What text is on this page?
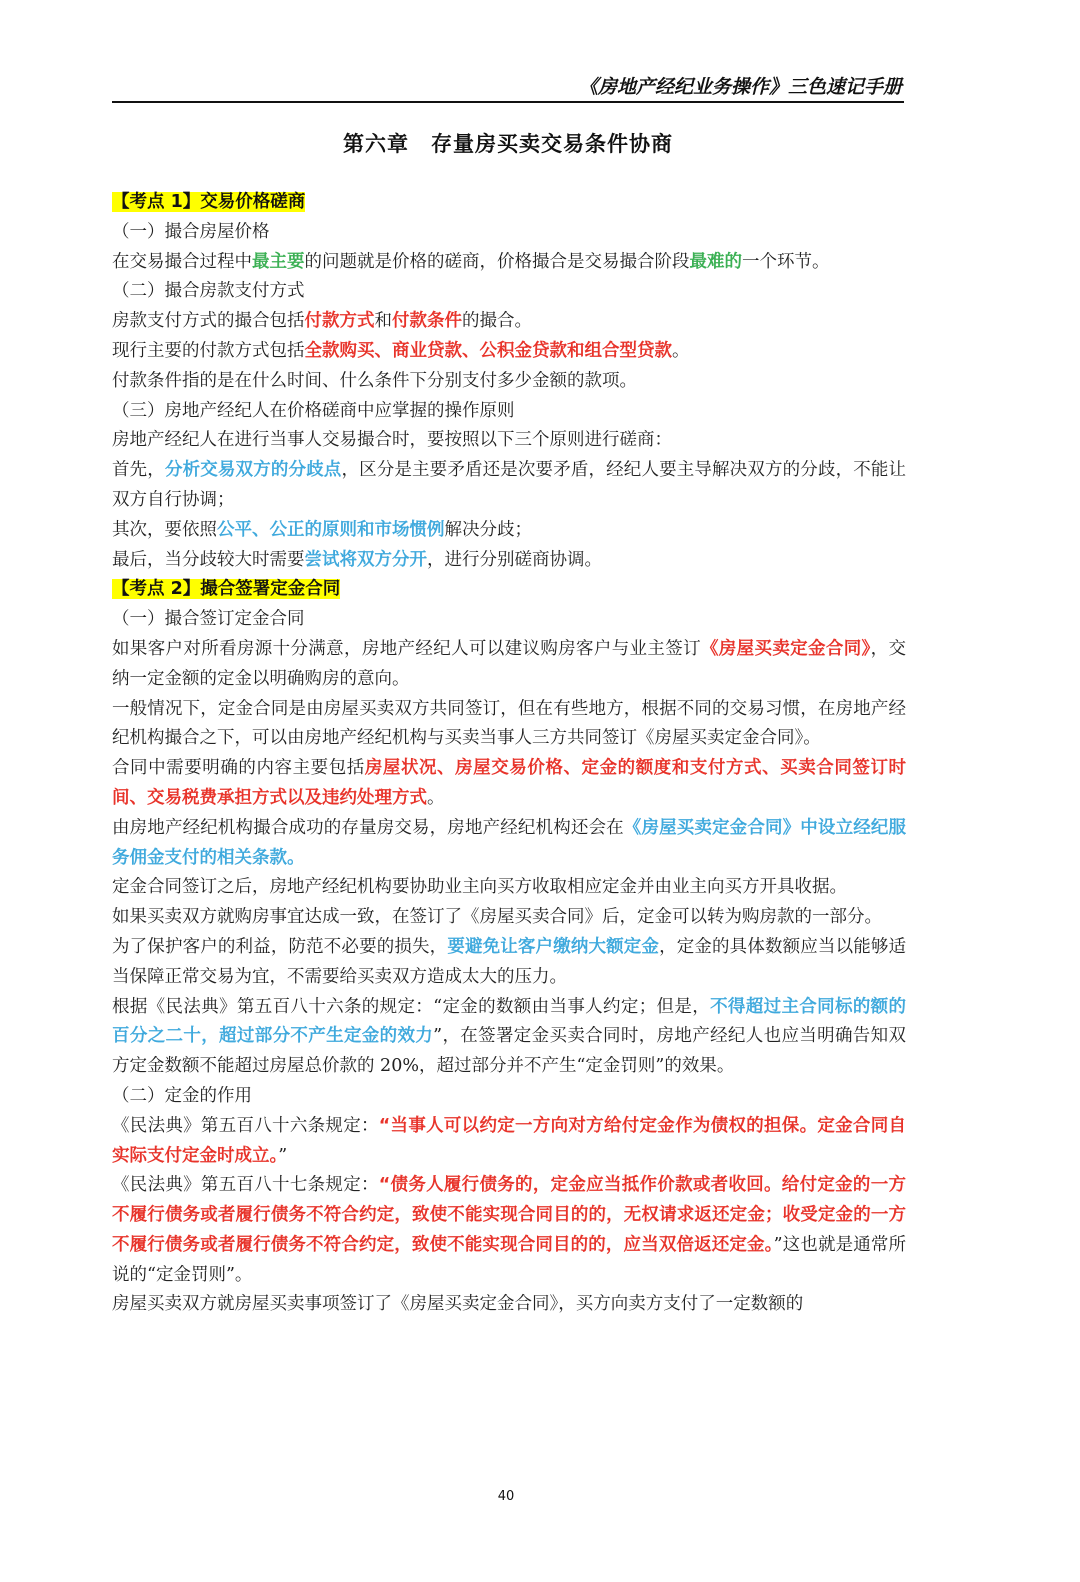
《房地产经纪业务操作》三色速记手册
第六章　存量房买卖交易条件协商

【考点 1】交易价格磋商

（一）撮合房屋价格

在交易撮合过程中最主要的问题就是价格的磋商，价格撮合是交易撮合阶段最难的一个环节。

（二）撮合房款支付方式

房款支付方式的撮合包括付款方式和付款条件的撮合。

现行主要的付款方式包括全款购买、商业贷款、公积金贷款和组合型贷款。

付款条件指的是在什么时间、什么条件下分别支付多少金额的款项。

（三）房地产经纪人在价格磋商中应掌握的操作原则

房地产经纪人在进行当事人交易撮合时，要按照以下三个原则进行磋商：

首先，分析交易双方的分歧点，区分是主要矛盾还是次要矛盾，经纪人要主导解决双方的分歧，不能让双方自行协调；

其次，要依照公平、公正的原则和市场惯例解决分歧；

最后，当分歧较大时需要尝试将双方分开，进行分别磋商协调。

【考点 2】撮合签署定金合同

（一）撮合签订定金合同

如果客户对所看房源十分满意，房地产经纪人可以建议购房客户与业主签订《房屋买卖定金合同》，交纳一定金额的定金以明确购房的意向。

一般情况下，定金合同是由房屋买卖双方共同签订，但在有些地方，根据不同的交易习惯，在房地产经纪机构撮合之下，可以由房地产经纪机构与买卖当事人三方共同签订《房屋买卖定金合同》。

合同中需要明确的内容主要包括房屋状况、房屋交易价格、定金的额度和支付方式、买卖合同签订时间、交易税费承担方式以及违约处理方式。

由房地产经纪机构撮合成功的存量房交易，房地产经纪机构还会在《房屋买卖定金合同》中设立经纪服务佣金支付的相关条款。

定金合同签订之后，房地产经纪机构要协助业主向买方收取相应定金并由业主向买方开具收据。

如果买卖双方就购房事宜达成一致，在签订了《房屋买卖合同》后，定金可以转为购房款的一部分。

为了保护客户的利益，防范不必要的损失，要避免让客户缴纳大额定金，定金的具体数额应当以能够适当保障正常交易为宜，不需要给买卖双方造成太大的压力。

根据《民法典》第五百八十六条的规定：“定金的数额由当事人约定；但是，不得超过主合同标的额的百分之二十，超过部分不产生定金的效力”，在签署定金买卖合同时，房地产经纪人也应当明确告知双方定金数额不能超过房屋总价款的 20%，超过部分并不产生“定金罚则”的效果。

（二）定金的作用

《民法典》第五百八十六条规定：“当事人可以约定一方向对方给付定金作为债权的担保。定金合同自实际支付定金时成立。”

《民法典》第五百八十七条规定：“债务人履行债务的，定金应当抵作价款或者收回。给付定金的一方不履行债务或者履行债务不符合约定，致使不能实现合同目的的，无权请求返还定金；收受定金的一方不履行债务或者履行债务不符合约定，致使不能实现合同目的的，应当双倍返还定金。”这也就是通常所说的“定金罚则”。

房屋买卖双方就房屋买卖事项签订了《房屋买卖定金合同》，买方向卖方支付了一定数额的

40
